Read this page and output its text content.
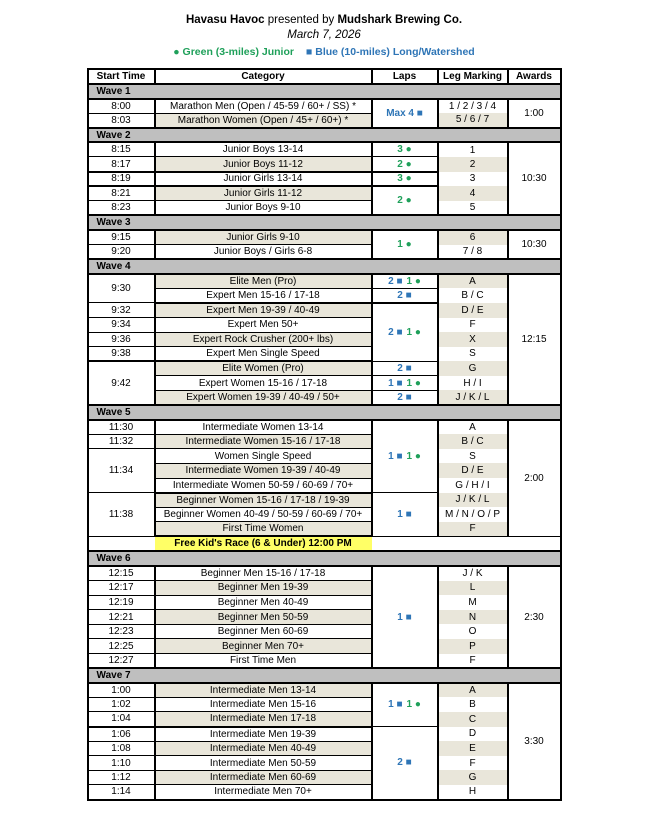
Havasu Havoc presented by Mudshark Brewing Co.
March 7, 2026
● Green (3-miles) Junior ■ Blue (10-miles) Long/Watershed
Start Time	Category	Laps	Leg Marking	Awards
Wave 1				
8:00	Marathon Men (Open / 45-59 / 60+ / SS) *	Max 4 ■	1 / 2 / 3 / 4	1:00
8:03	Marathon Women (Open / 45+ / 60+) *		5 / 6 / 7	
Wave 2				
8:15	Junior Boys 13-14	3 ●	1	10:30
8:17	Junior Boys 11-12	2 ●	2	
8:19	Junior Girls 13-14	3 ●	3	
8:21	Junior Girls 11-12	2 ●	4	
8:23	Junior Boys 9-10		5	
Wave 3				
9:15	Junior Girls 9-10	1 ●	6	10:30
9:20	Junior Boys / Girls 6-8		7 / 8	
Wave 4				
9:30	Elite Men (Pro)	2 ■ 1 ●	A	12:15
	Expert Men 15-16 / 17-18	2 ■	B / C	
9:32	Expert Men 19-39 / 40-49	2 ■ 1 ●	D / E	
9:34	Expert Men 50+		F	
9:36	Expert Rock Crusher (200+ lbs)		X	
9:38	Expert Men Single Speed		S	
9:42	Elite Women (Pro)	2 ■	G	
	Expert Women 15-16 / 17-18	1 ■ 1 ●	H / I	
	Expert Women 19-39 / 40-49 / 50+	2 ■	J / K / L	
Wave 5				
11:30	Intermediate Women 13-14	1 ■ 1 ●	A	2:00
11:32	Intermediate Women 15-16 / 17-18		B / C	
11:34	Women Single Speed		S	
	Intermediate Women 19-39 / 40-49		D / E	
	Intermediate Women 50-59 / 60-69 / 70+		G / H / I	
11:38	Beginner Women 15-16 / 17-18 / 19-39	1 ■	J / K / L	
	Beginner Women 40-49 / 50-59 / 60-69 / 70+		M / N / O / P	
	First Time Women		F	

Free Kid's Race (6 & Under) 12:00 PM				

Wave 6				
12:15	Beginner Men 15-16 / 17-18	1 ■	J / K	2:30
12:17	Beginner Men 19-39		L	
12:19	Beginner Men 40-49		M	
12:21	Beginner Men 50-59		N	
12:23	Beginner Men 60-69		O	
12:25	Beginner Men 70+		P	
12:27	First Time Men		F	
Wave 7				
1:00	Intermediate Men 13-14	1 ■ 1 ●	A	3:30
1:02	Intermediate Men 15-16		B	
1:04	Intermediate Men 17-18		C	
1:06	Intermediate Men 19-39	2 ■	D	
1:08	Intermediate Men 40-49		E	
1:10	Intermediate Men 50-59		F	
1:12	Intermediate Men 60-69		G	
1:14	Intermediate Men 70+		H	
